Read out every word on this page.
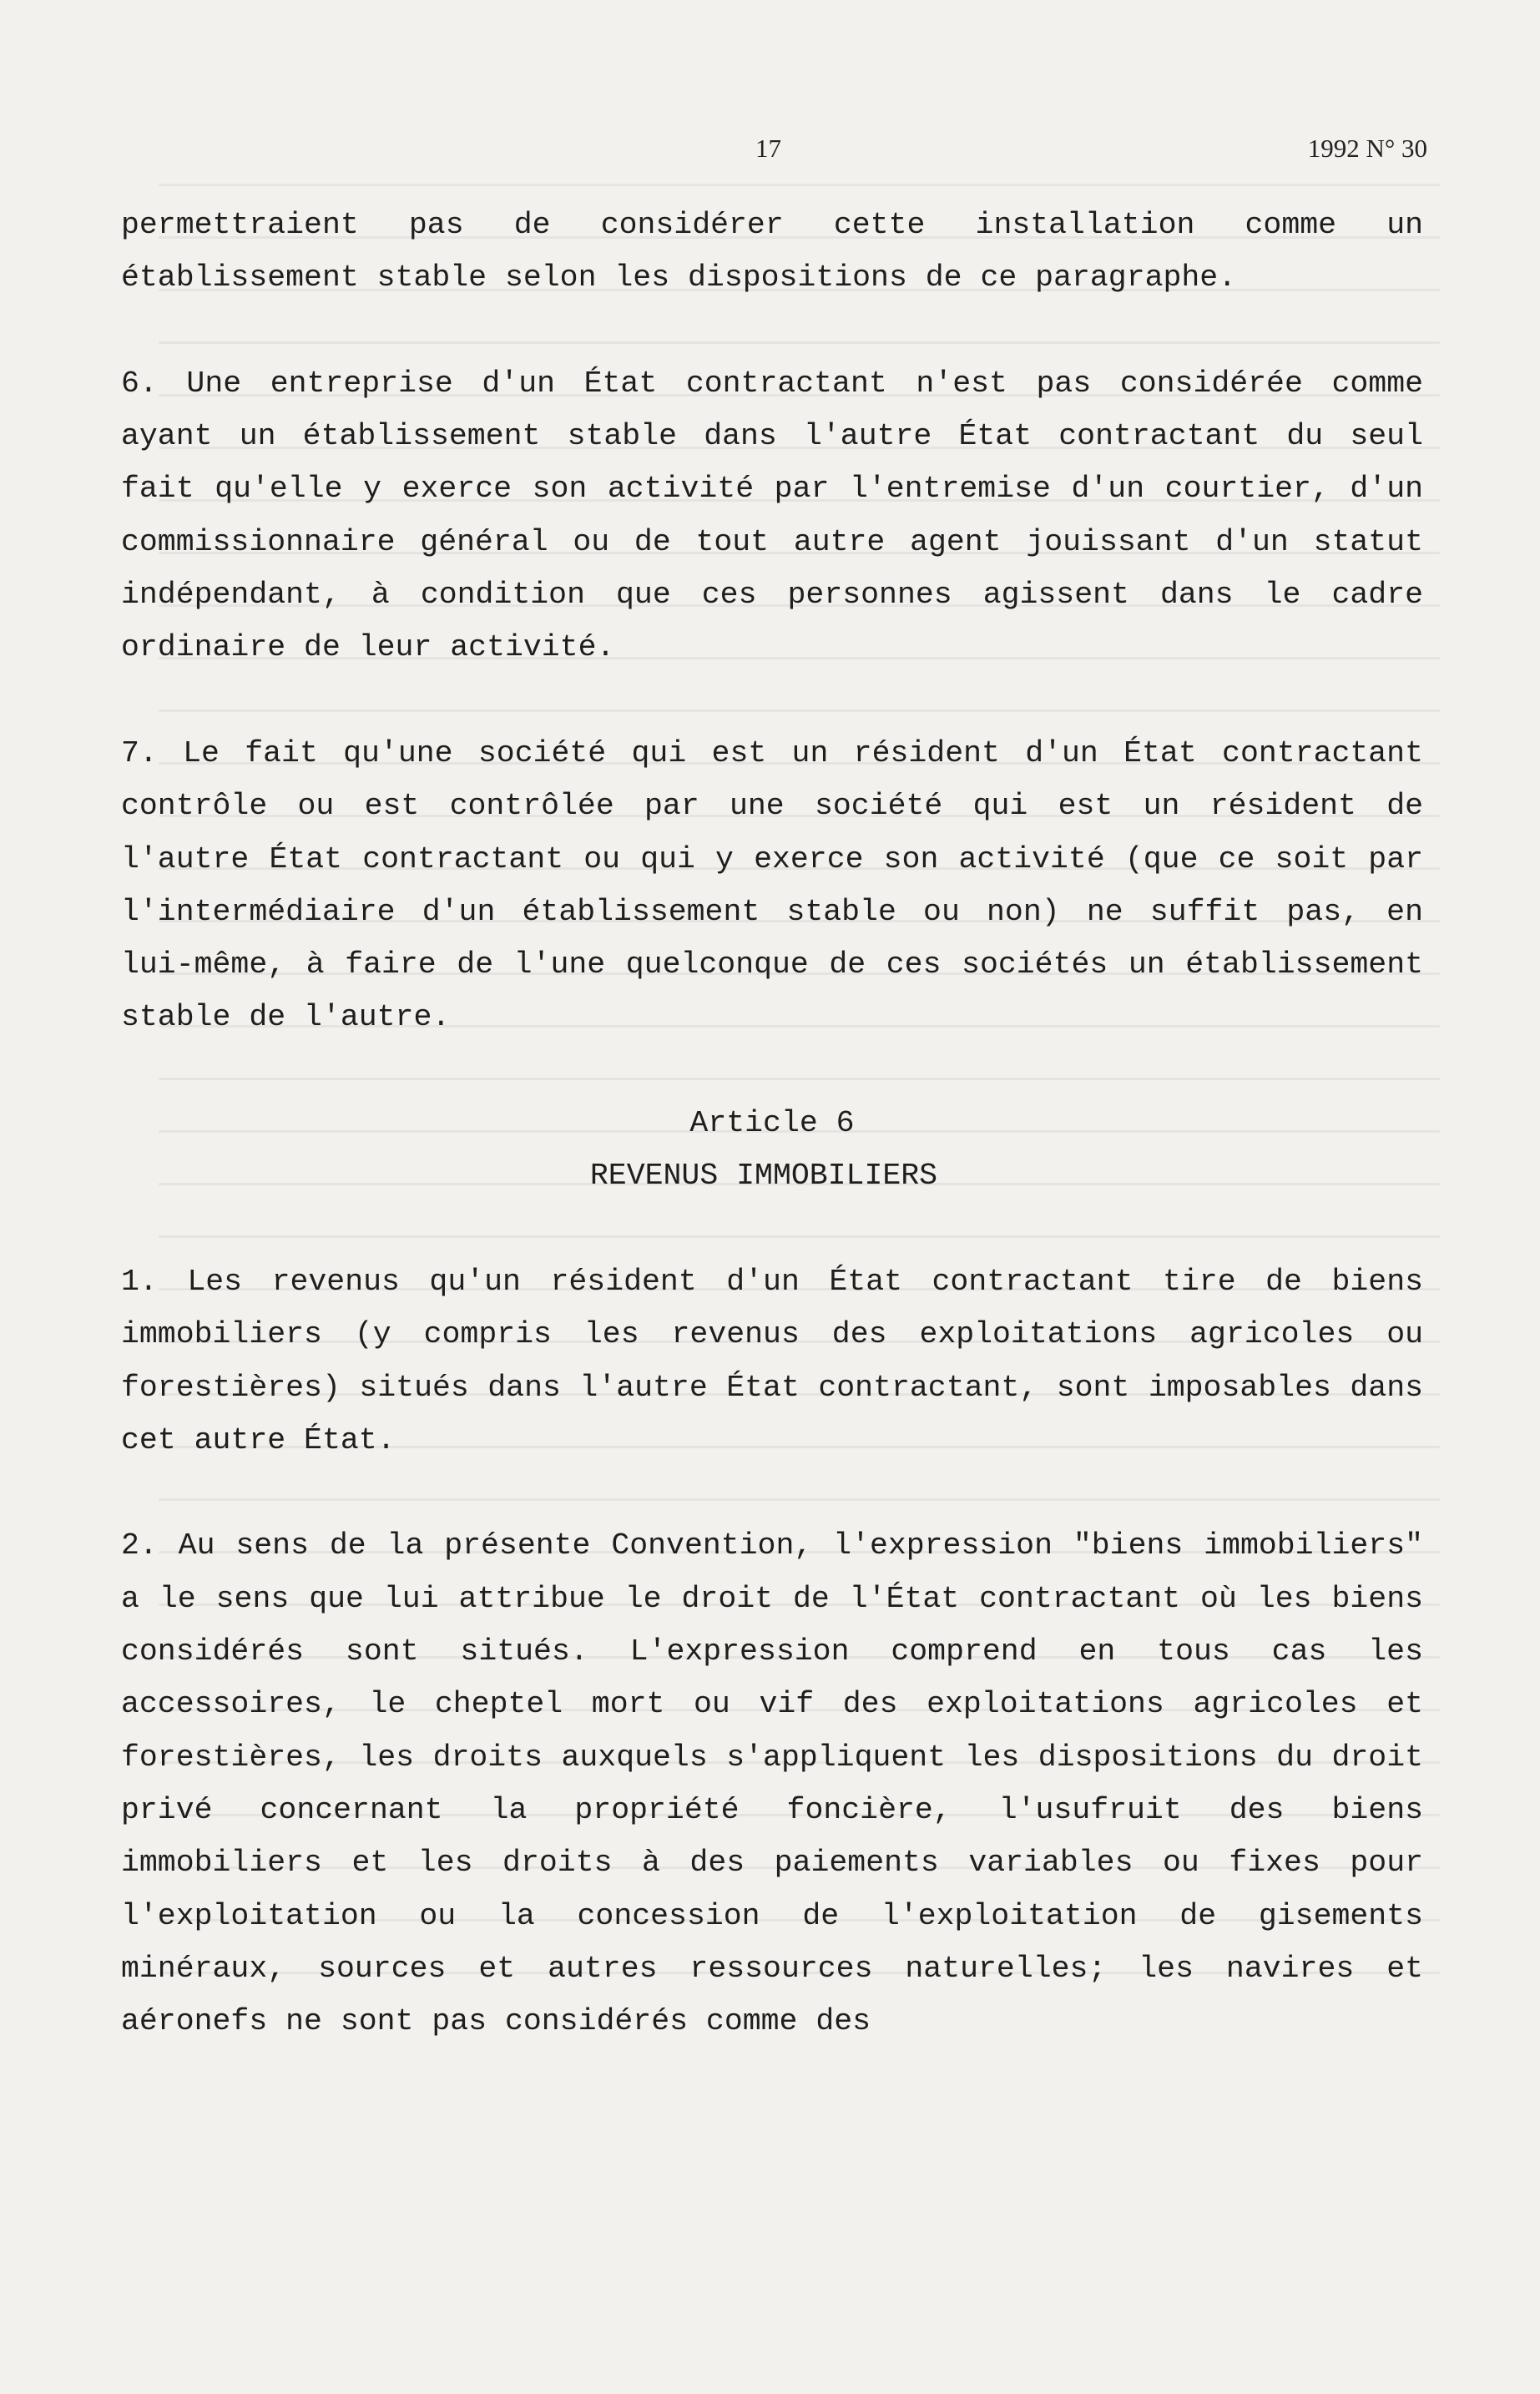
17	1992 N° 30

permettraient pas de considérer cette installation comme un établissement stable selon les dispositions de ce paragraphe.

6. Une entreprise d'un État contractant n'est pas considérée comme ayant un établissement stable dans l'autre État contractant du seul fait qu'elle y exerce son activité par l'entremise d'un courtier, d'un commissionnaire général ou de tout autre agent jouissant d'un statut indépendant, à condition que ces personnes agissent dans le cadre ordinaire de leur activité.

7. Le fait qu'une société qui est un résident d'un État contractant contrôle ou est contrôlée par une société qui est un résident de l'autre État contractant ou qui y exerce son activité (que ce soit par l'intermédiaire d'un établissement stable ou non) ne suffit pas, en lui-même, à faire de l'une quelconque de ces sociétés un établissement stable de l'autre.

Article 6

REVENUS IMMOBILIERS

1. Les revenus qu'un résident d'un État contractant tire de biens immobiliers (y compris les revenus des exploitations agricoles ou forestières) situés dans l'autre État contractant, sont imposables dans cet autre État.

2. Au sens de la présente Convention, l'expression "biens immobiliers" a le sens que lui attribue le droit de l'État contractant où les biens considérés sont situés. L'expression comprend en tous cas les accessoires, le cheptel mort ou vif des exploitations agricoles et forestières, les droits auxquels s'appliquent les dispositions du droit privé concernant la propriété foncière, l'usufruit des biens immobiliers et les droits à des paiements variables ou fixes pour l'exploitation ou la concession de l'exploitation de gisements minéraux, sources et autres ressources naturelles; les navires et aéronefs ne sont pas considérés comme des
